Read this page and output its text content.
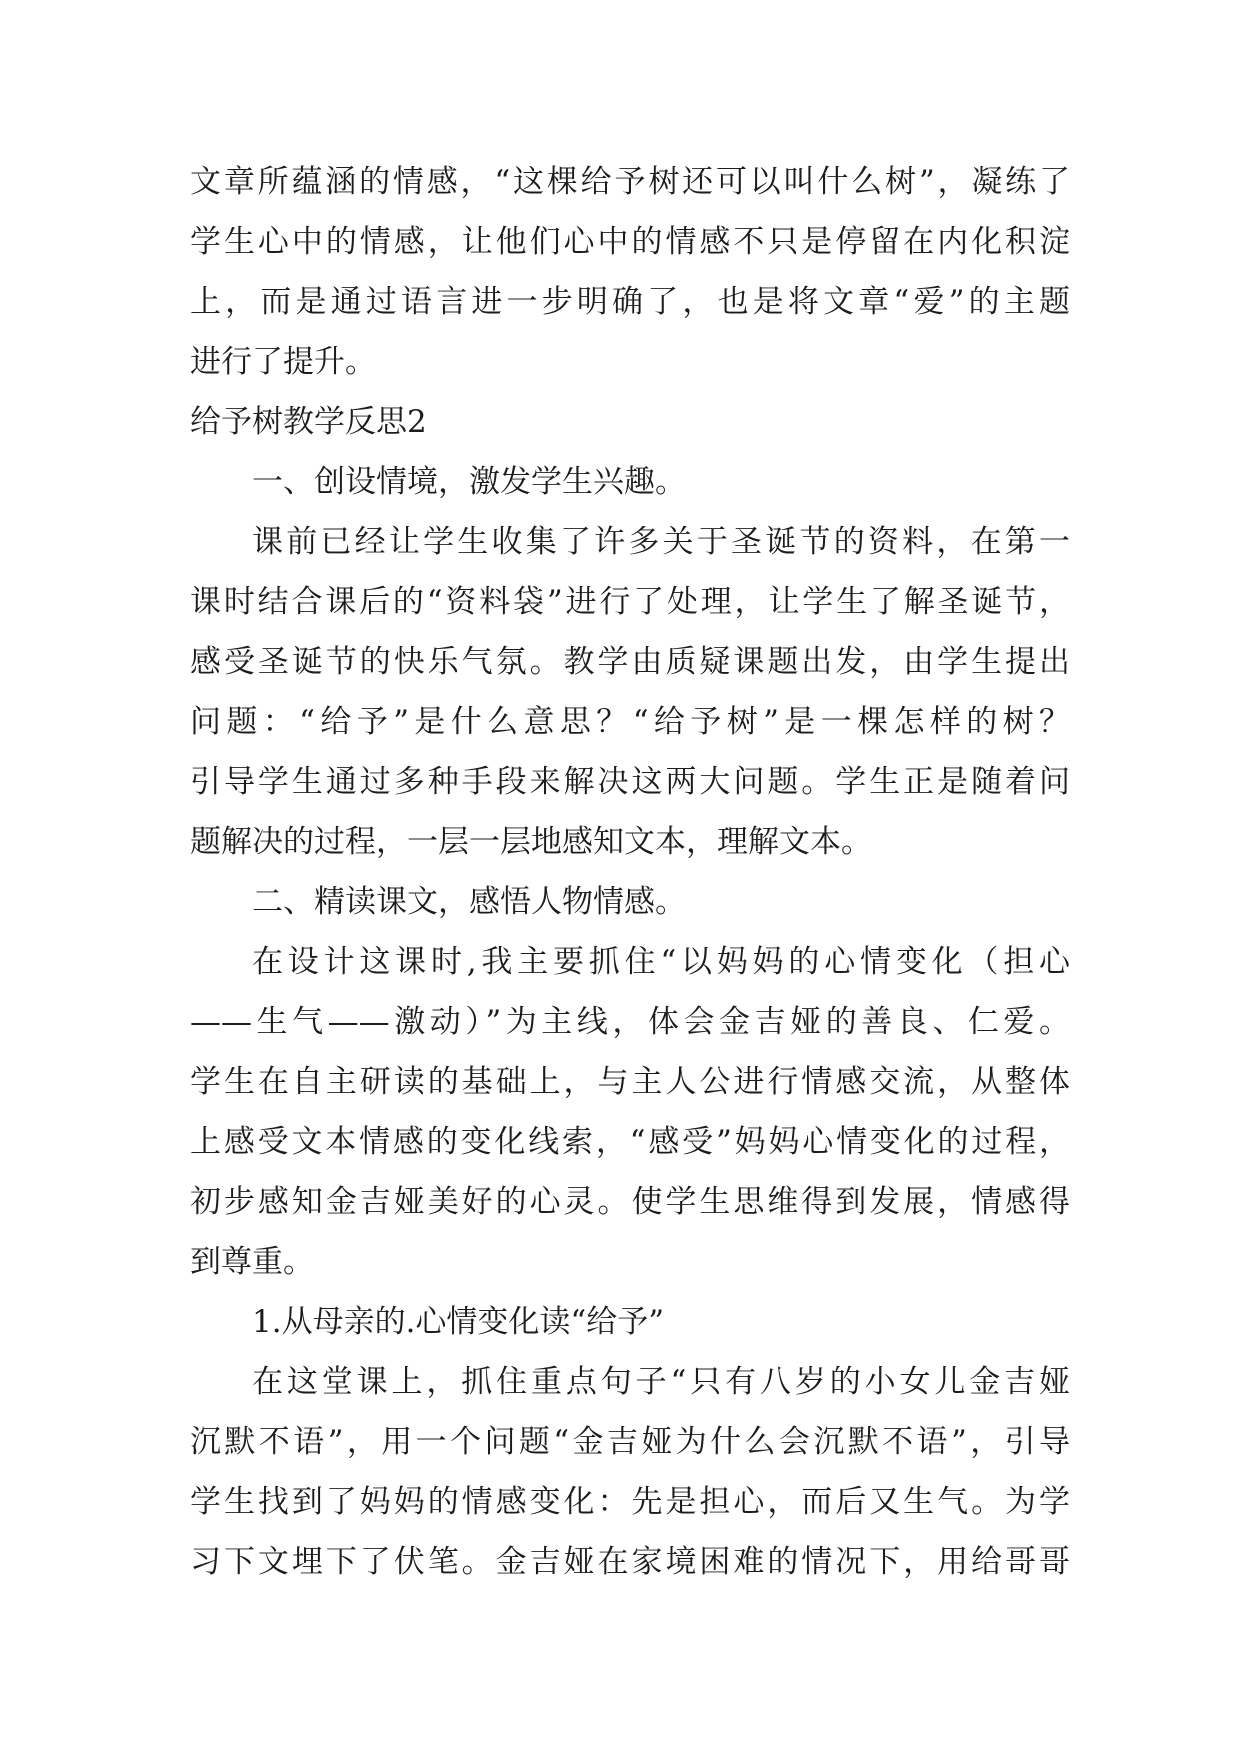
文章所蕴涵的情感，“这棵给予树还可以叫什么树”，凝练了
学生心中的情感，让他们心中的情感不只是停留在内化积淀
上，而是通过语言进一步明确了，也是将文章“爱”的主题
进行了提升。
给予树教学反思2
一、创设情境，激发学生兴趣。
课前已经让学生收集了许多关于圣诞节的资料，在第一
课时结合课后的“资料袋”进行了处理，让学生了解圣诞节，
感受圣诞节的快乐气氛。教学由质疑课题出发，由学生提出
问题：“给予”是什么意思？“给予树”是一棵怎样的树？
引导学生通过多种手段来解决这两大问题。学生正是随着问
题解决的过程，一层一层地感知文本，理解文本。
二、精读课文，感悟人物情感。
在设计这课时,我主要抓住“以妈妈的心情变化（担心
——生气——激动）”为主线，体会金吉娅的善良、仁爱。
学生在自主研读的基础上，与主人公进行情感交流，从整体
上感受文本情感的变化线索，“感受”妈妈心情变化的过程，
初步感知金吉娅美好的心灵。使学生思维得到发展，情感得
到尊重。
1.从母亲的.心情变化读“给予”
在这堂课上，抓住重点句子“只有八岁的小女儿金吉娅
沉默不语”，用一个问题“金吉娅为什么会沉默不语”，引导
学生找到了妈妈的情感变化：先是担心，而后又生气。为学
习下文埋下了伏笔。金吉娅在家境困难的情况下，用给哥哥
